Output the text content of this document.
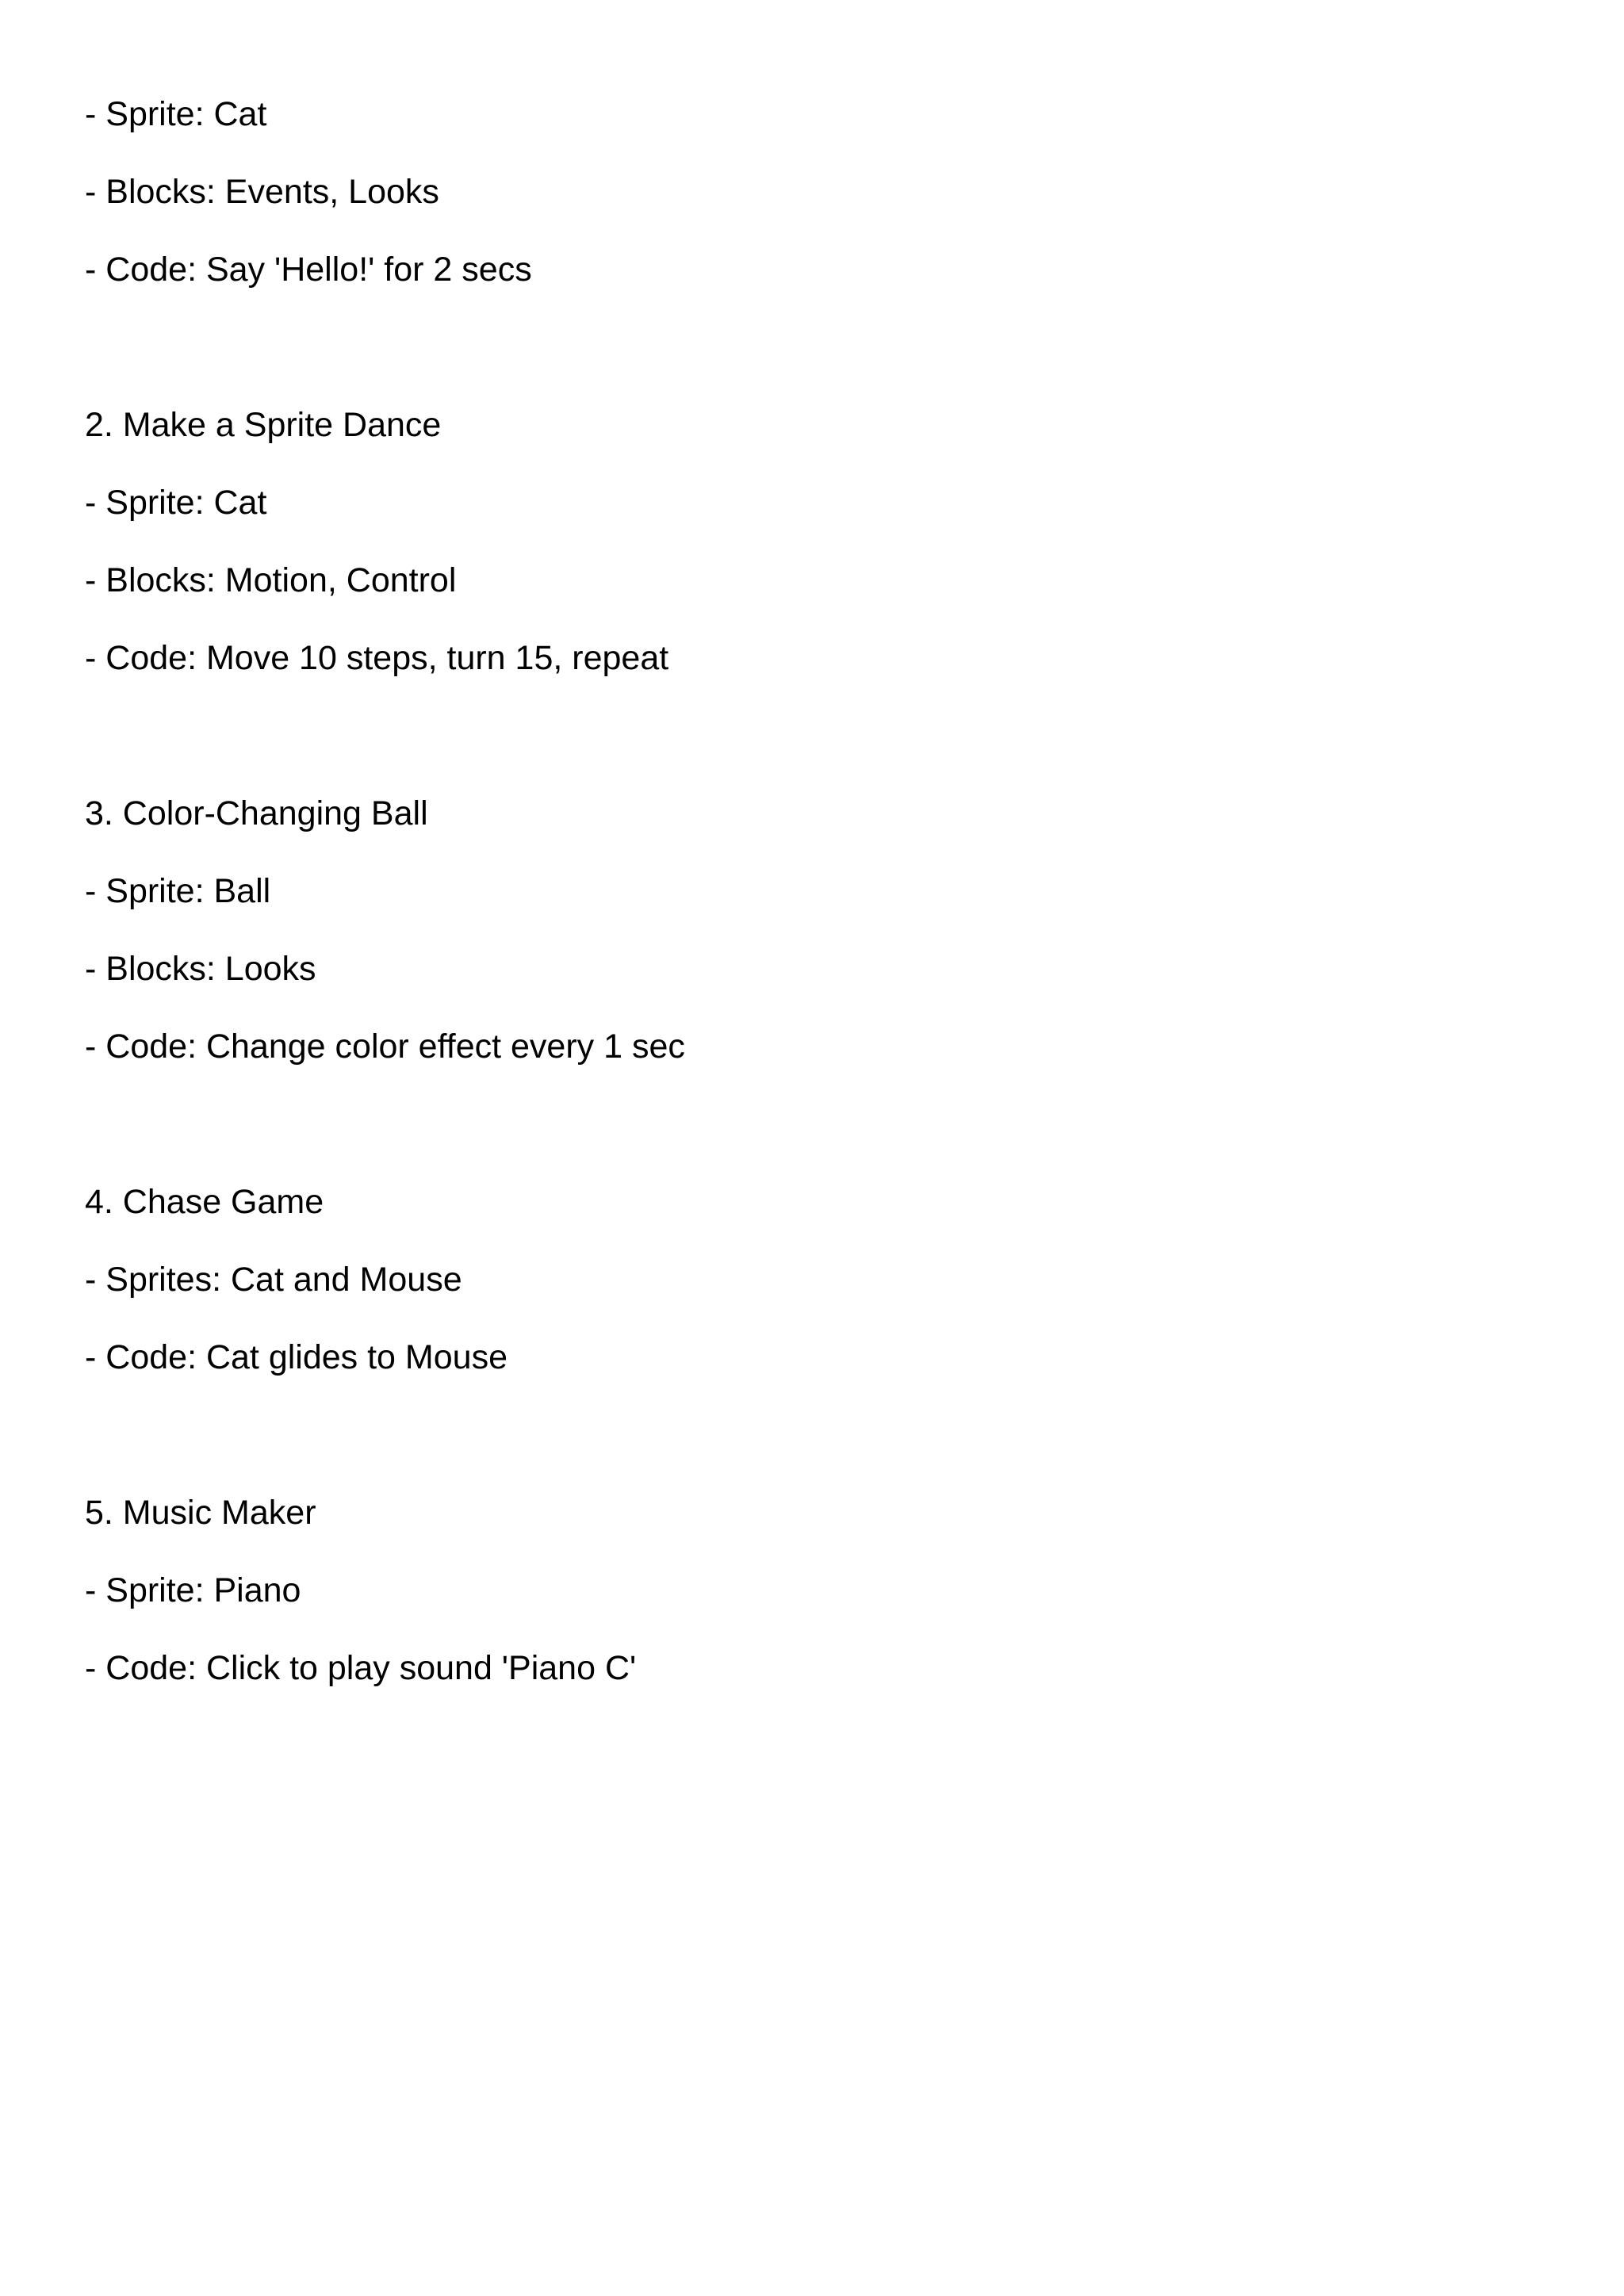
- Sprite: Cat

- Blocks: Events, Looks

- Code: Say 'Hello!' for 2 secs

2. Make a Sprite Dance

- Sprite: Cat

- Blocks: Motion, Control

- Code: Move 10 steps, turn 15, repeat

3. Color-Changing Ball

- Sprite: Ball

- Blocks: Looks

- Code: Change color effect every 1 sec

4. Chase Game

- Sprites: Cat and Mouse

- Code: Cat glides to Mouse

5. Music Maker

- Sprite: Piano

- Code: Click to play sound 'Piano C'
